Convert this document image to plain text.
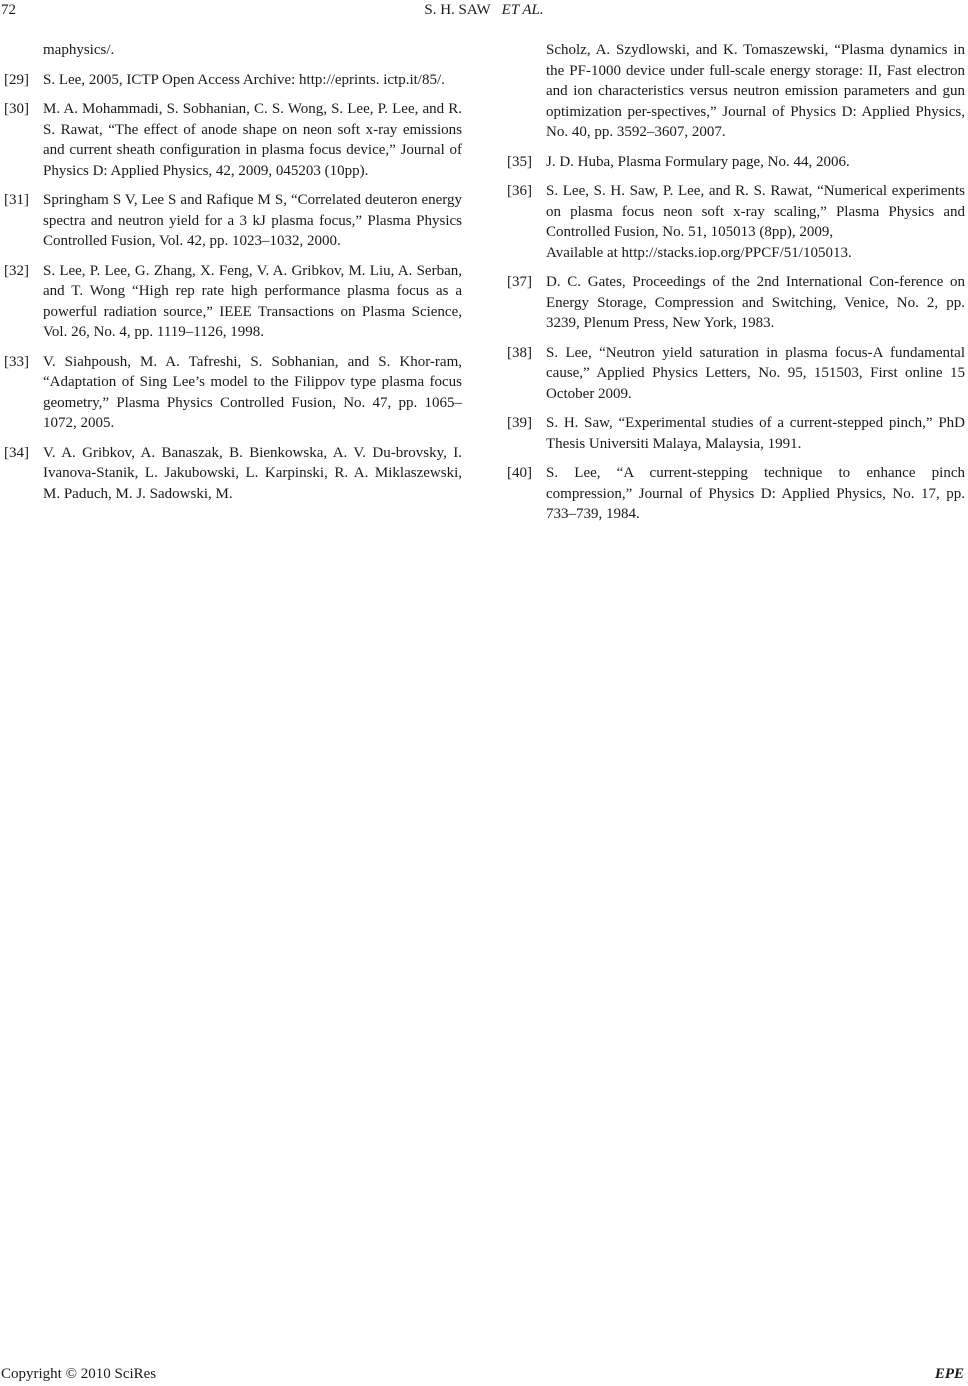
72	S. H. SAW ET AL.
maphysics/.
[29] S. Lee, 2005, ICTP Open Access Archive: http://eprints. ictp.it/85/.
[30] M. A. Mohammadi, S. Sobhanian, C. S. Wong, S. Lee, P. Lee, and R. S. Rawat, “The effect of anode shape on neon soft x-ray emissions and current sheath configuration in plasma focus device,” Journal of Physics D: Applied Physics, 42, 2009, 045203 (10pp).
[31] Springham S V, Lee S and Rafique M S, “Correlated deuteron energy spectra and neutron yield for a 3 kJ plasma focus,” Plasma Physics Controlled Fusion, Vol. 42, pp. 1023–1032, 2000.
[32] S. Lee, P. Lee, G. Zhang, X. Feng, V. A. Gribkov, M. Liu, A. Serban, and T. Wong “High rep rate high performance plasma focus as a powerful radiation source,” IEEE Transactions on Plasma Science, Vol. 26, No. 4, pp. 1119–1126, 1998.
[33] V. Siahpoush, M. A. Tafreshi, S. Sobhanian, and S. Khor-ram, “Adaptation of Sing Lee’s model to the Filippov type plasma focus geometry,” Plasma Physics Controlled Fusion, No. 47, pp. 1065–1072, 2005.
[34] V. A. Gribkov, A. Banaszak, B. Bienkowska, A. V. Du-brovsky, I. Ivanova-Stanik, L. Jakubowski, L. Karpinski, R. A. Miklaszewski, M. Paduch, M. J. Sadowski, M.
Scholz, A. Szydlowski, and K. Tomaszewski, “Plasma dynamics in the PF-1000 device under full-scale energy storage: II, Fast electron and ion characteristics versus neutron emission parameters and gun optimization per-spectives,” Journal of Physics D: Applied Physics, No. 40, pp. 3592–3607, 2007.
[35] J. D. Huba, Plasma Formulary page, No. 44, 2006.
[36] S. Lee, S. H. Saw, P. Lee, and R. S. Rawat, “Numerical experiments on plasma focus neon soft x-ray scaling,” Plasma Physics and Controlled Fusion, No. 51, 105013 (8pp), 2009,
Available at http://stacks.iop.org/PPCF/51/105013.
[37] D. C. Gates, Proceedings of the 2nd International Con-ference on Energy Storage, Compression and Switching, Venice, No. 2, pp. 3239, Plenum Press, New York, 1983.
[38] S. Lee, “Neutron yield saturation in plasma focus-A fundamental cause,” Applied Physics Letters, No. 95, 151503, First online 15 October 2009.
[39] S. H. Saw, “Experimental studies of a current-stepped pinch,” PhD Thesis Universiti Malaya, Malaysia, 1991.
[40] S. Lee, “A current-stepping technique to enhance pinch compression,” Journal of Physics D: Applied Physics, No. 17, pp. 733–739, 1984.
Copyright © 2010 SciRes	EPE
